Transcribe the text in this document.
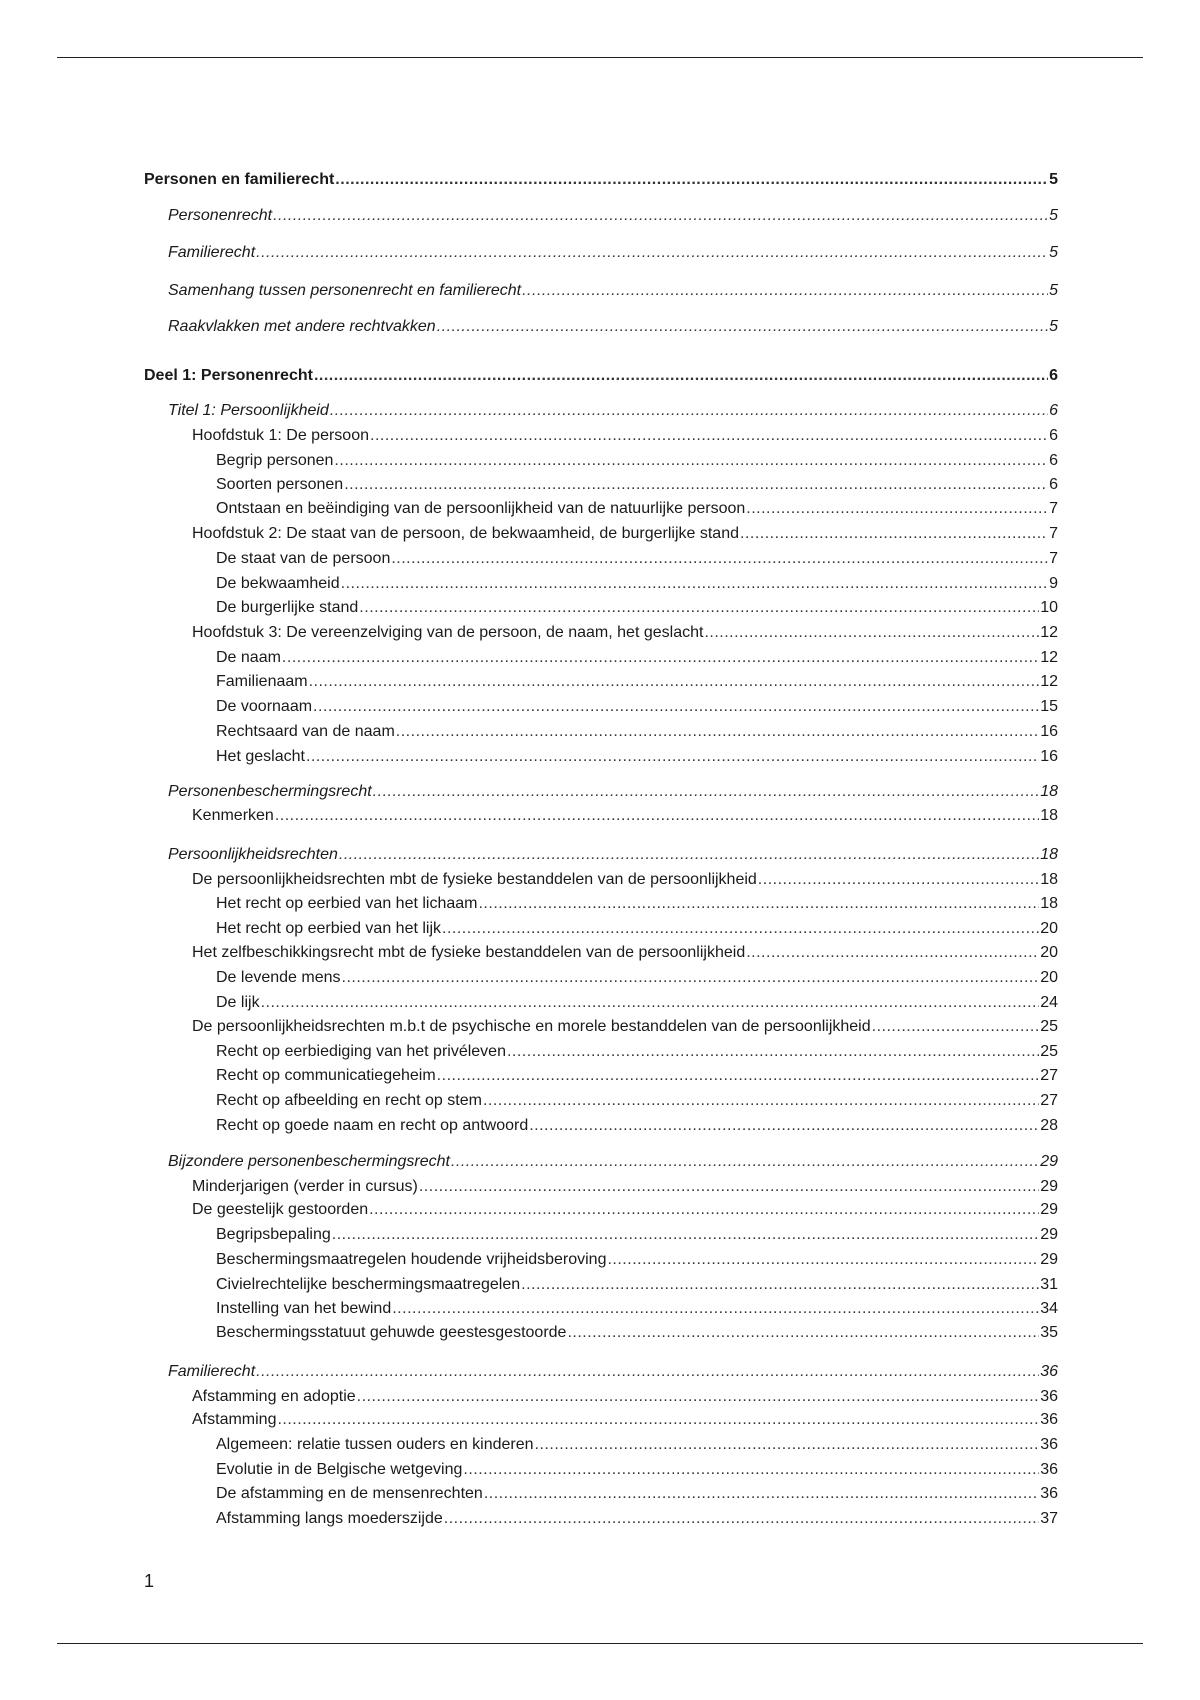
Personen en familierecht .....	5
Personenrecht .....	5
Familierecht .....	5
Samenhang tussen personenrecht en familierecht .....	5
Raakvlakken met andere rechtvakken .....	5
Deel 1: Personenrecht .....	6
Titel 1: Persoonlijkheid .....	6
Hoofdstuk 1: De persoon .....	6
Begrip personen .....	6
Soorten personen .....	6
Ontstaan en beëindiging van de persoonlijkheid van de natuurlijke persoon .....	7
Hoofdstuk 2: De staat van de persoon, de bekwaamheid, de burgerlijke stand .....	7
De staat van de persoon .....	7
De bekwaamheid .....	9
De burgerlijke stand .....	10
Hoofdstuk 3: De vereenzelviging van de persoon, de naam, het geslacht .....	12
De naam .....	12
Familienaam .....	12
De voornaam .....	15
Rechtsaard van de naam .....	16
Het geslacht .....	16
Personenbeschermingsrecht .....	18
Kenmerken .....	18
Persoonlijkheidsrechten .....	18
De persoonlijkheidsrechten mbt de fysieke bestanddelen van de persoonlijkheid .....	18
Het recht op eerbied van het lichaam .....	18
Het recht op eerbied van het lijk .....	20
Het zelfbeschikkingsrecht mbt de fysieke bestanddelen van de persoonlijkheid .....	20
De levende mens .....	20
De lijk .....	24
De persoonlijkheidsrechten m.b.t de psychische en morele bestanddelen van de persoonlijkheid .....	25
Recht op eerbiediging van het privéleven .....	25
Recht op communicatiegeheim .....	27
Recht op afbeelding en recht op stem .....	27
Recht op goede naam en recht op antwoord .....	28
Bijzondere personenbeschermingsrecht .....	29
Minderjarigen (verder in cursus) .....	29
De geestelijk gestoorden .....	29
Begripsbepaling .....	29
Beschermingsmaatregelen houdende vrijheidsberoving .....	29
Civielrechtelijke beschermingsmaatregelen .....	31
Instelling van het bewind .....	34
Beschermingsstatuut gehuwde geestesgestoorde .....	35
Familierecht .....	36
Afstamming en adoptie .....	36
Afstamming .....	36
Algemeen: relatie tussen ouders en kinderen .....	36
Evolutie in de Belgische wetgeving .....	36
De afstamming en de mensenrechten .....	36
Afstamming langs moederszijde .....	37
1
